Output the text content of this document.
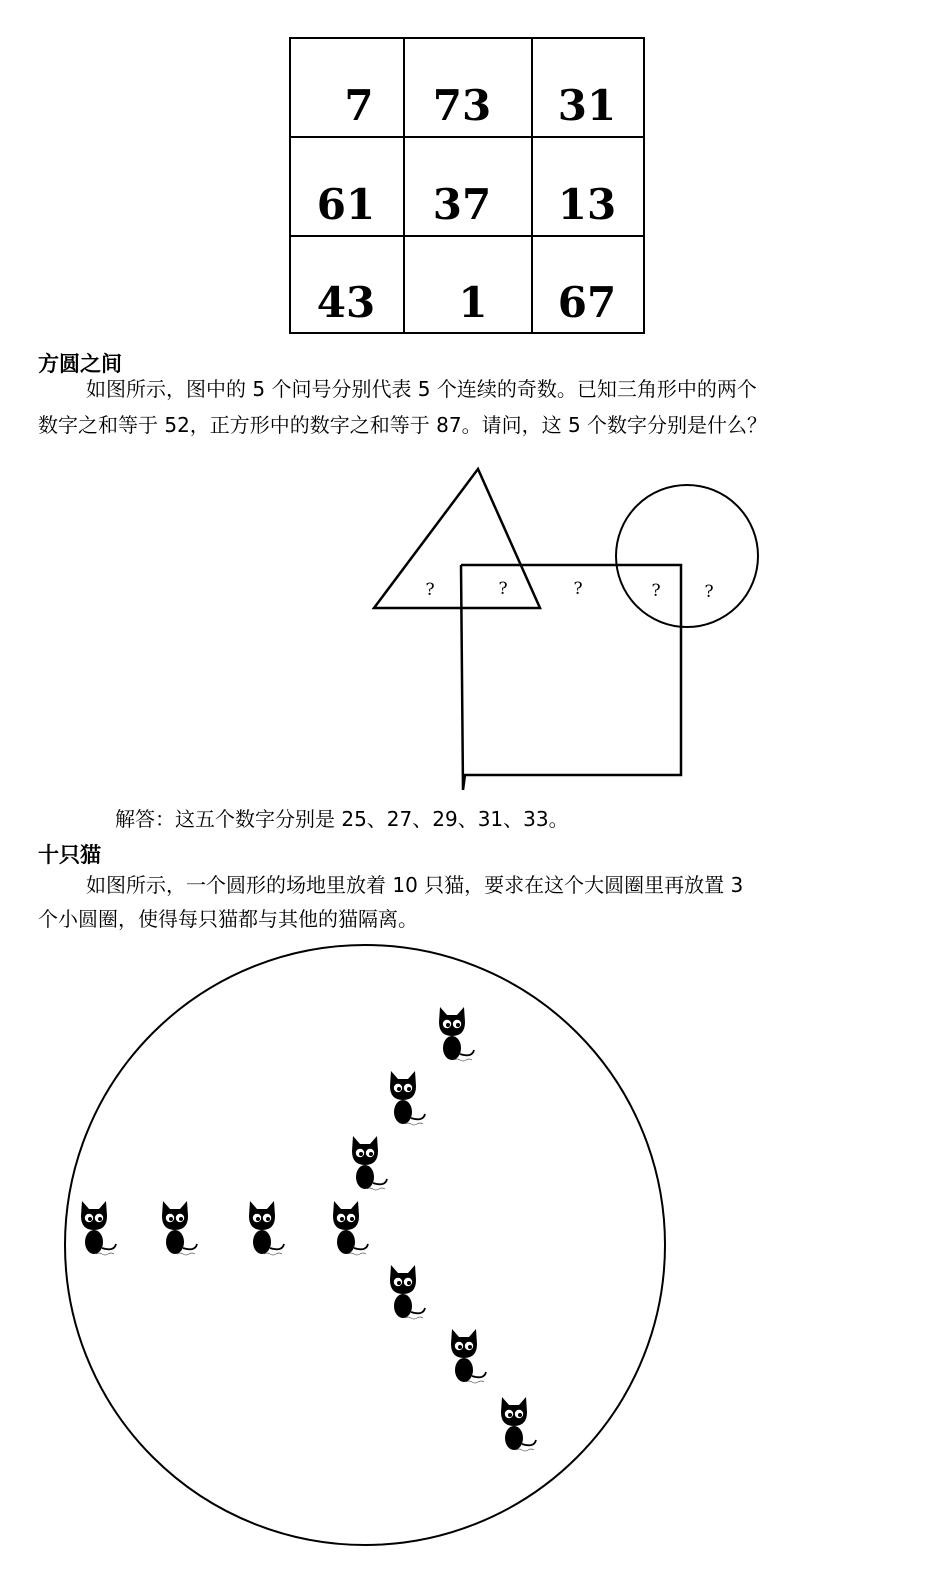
7 73 31
61 37 13
43 1 67
方圆之间
如图所示，图中的 5 个问号分别代表 5 个连续的奇数。已知三角形中的两个
数字之和等于 52，正方形中的数字之和等于 87。请问，这 5 个数字分别是什么？
?	?	?	?	?
解答：这五个数字分别是 25、27、29、31、33。
十只猫
如图所示，一个圆形的场地里放着 10 只猫，要求在这个大圆圈里再放置 3
个小圆圈，使得每只猫都与其他的猫隔离。
